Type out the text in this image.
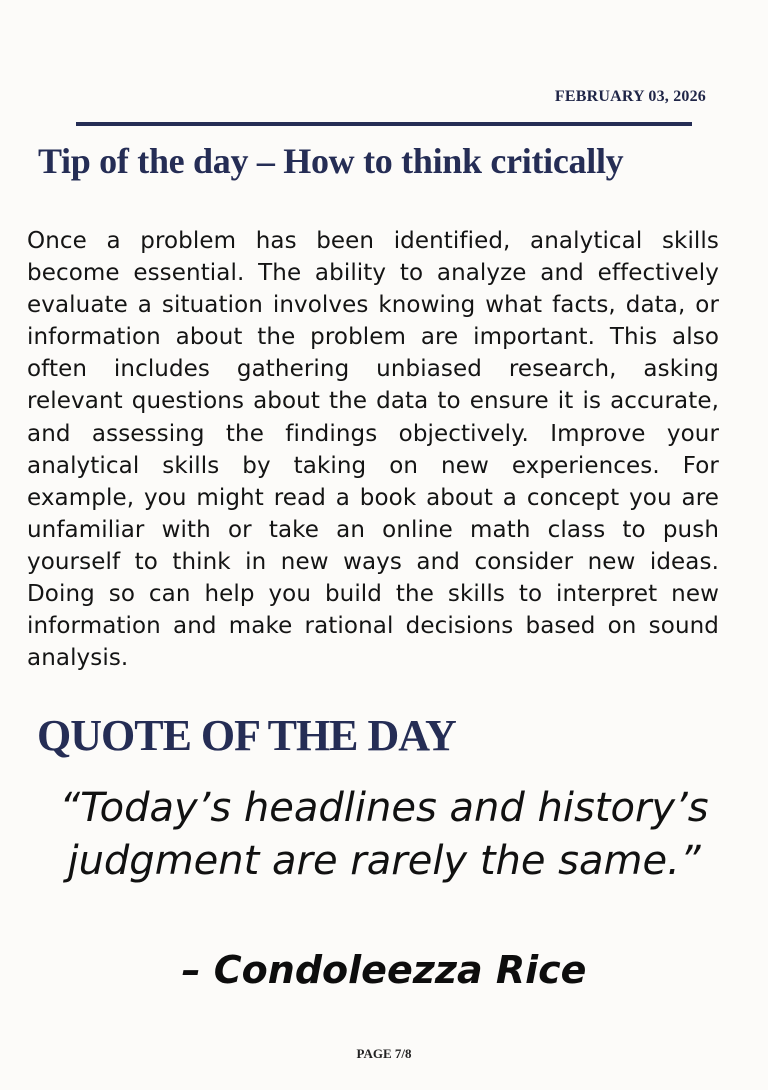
FEBRUARY 03, 2026
Tip of the day – How to think critically

Once a problem has been identified, analytical skills become essential. The ability to analyze and effectively evaluate a situation involves knowing what facts, data, or information about the problem are important. This also often includes gathering unbiased research, asking relevant questions about the data to ensure it is accurate, and assessing the findings objectively. Improve your analytical skills by taking on new experiences. For example, you might read a book about a concept you are unfamiliar with or take an online math class to push yourself to think in new ways and consider new ideas. Doing so can help you build the skills to interpret new information and make rational decisions based on sound analysis.

QUOTE OF THE DAY

“Today’s headlines and history’s judgment are rarely the same.”

– Condoleezza Rice

PAGE 7/8
